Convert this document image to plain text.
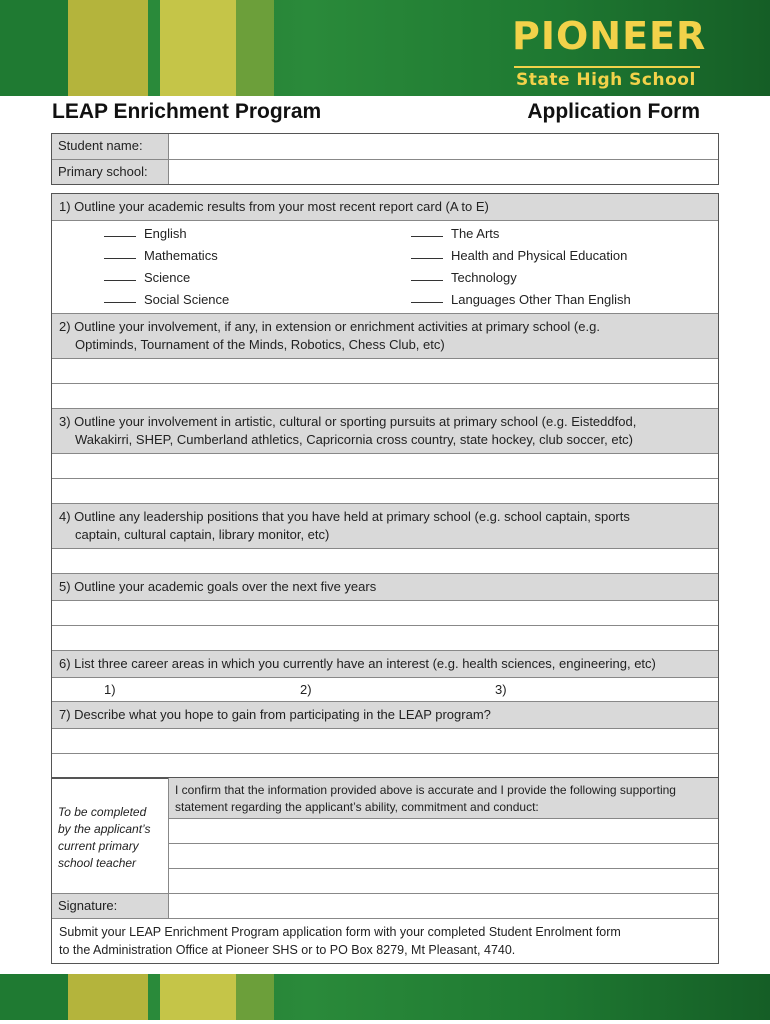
PIONEER
State High School
LEAP Enrichment Program	Application Form
Student name:
Primary school:
1) Outline your academic results from your most recent report card (A to E)
English	The Arts
Mathematics	Health and Physical Education
Science	Technology
Social Science	Languages Other Than English
2) Outline your involvement, if any, in extension or enrichment activities at primary school (e.g.
Optiminds, Tournament of the Minds, Robotics, Chess Club, etc)
3) Outline your involvement in artistic, cultural or sporting pursuits at primary school (e.g. Eisteddfod,
Wakakirri, SHEP, Cumberland athletics, Capricornia cross country, state hockey, club soccer, etc)
4) Outline any leadership positions that you have held at primary school (e.g. school captain, sports
captain, cultural captain, library monitor, etc)
5) Outline your academic goals over the next five years
6) List three career areas in which you currently have an interest (e.g. health sciences, engineering, etc)
1)	2)	3)
7) Describe what you hope to gain from participating in the LEAP program?
To be completed by the applicant’s current primary school teacher
I confirm that the information provided above is accurate and I provide the following supporting statement regarding the applicant’s ability, commitment and conduct:
Signature:
Submit your LEAP Enrichment Program application form with your completed Student Enrolment form
to the Administration Office at Pioneer SHS or to PO Box 8279, Mt Pleasant, 4740.
